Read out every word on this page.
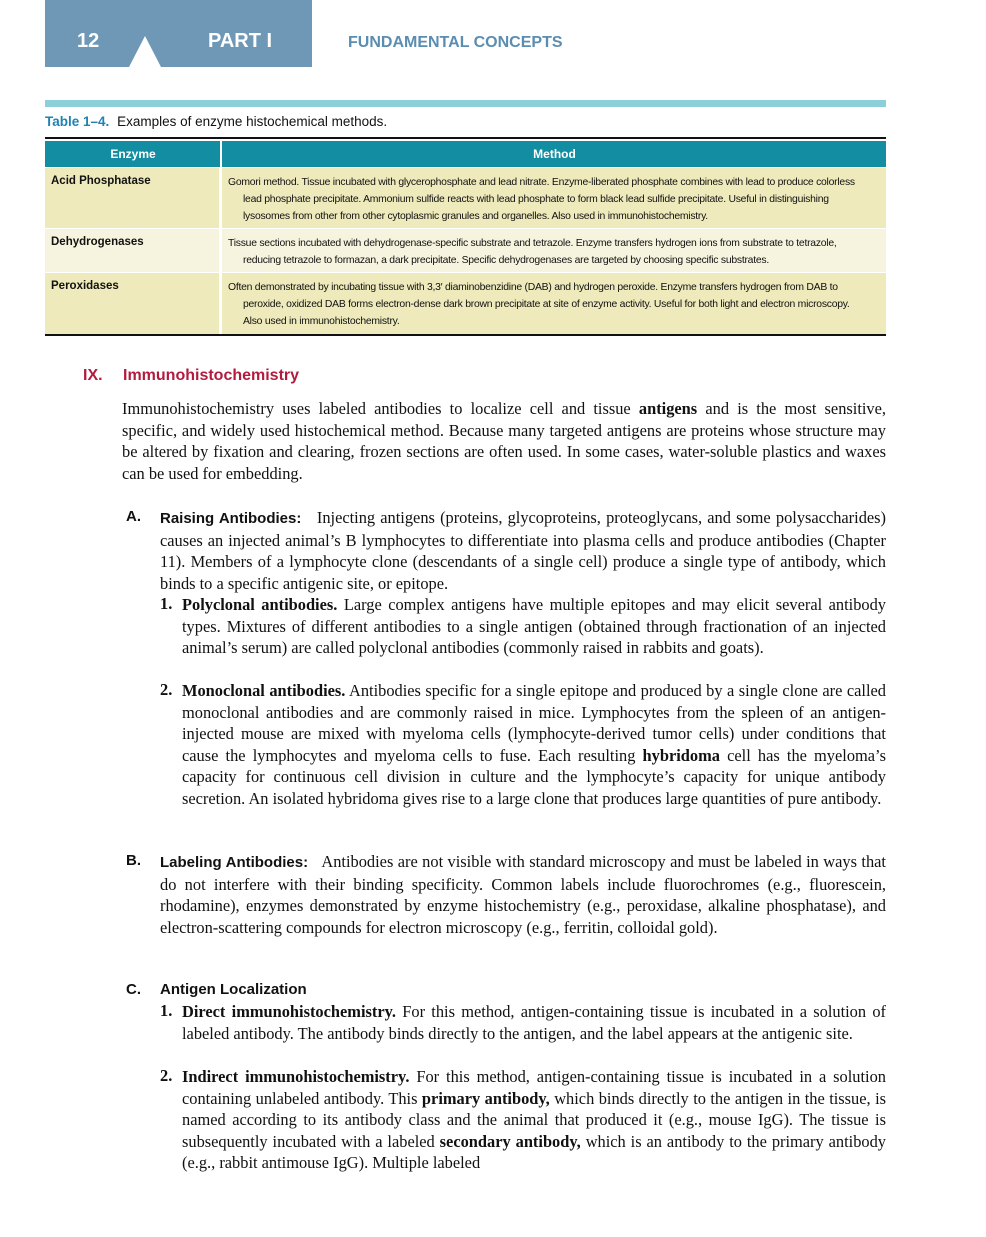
12	PART I	FUNDAMENTAL CONCEPTS
Table 1–4. Examples of enzyme histochemical methods.
Enzyme	Method
Acid Phosphatase	Gomori method. Tissue incubated with glycerophosphate and lead nitrate. Enzyme-liberated phosphate combines with lead to produce colorless lead phosphate precipitate. Ammonium sulfide reacts with lead phosphate to form black lead sulfide precipitate. Useful in distinguishing lysosomes from other from other cytoplasmic granules and organelles. Also used in immunohistochemistry.
Dehydrogenases	Tissue sections incubated with dehydrogenase-specific substrate and tetrazole. Enzyme transfers hydrogen ions from substrate to tetrazole, reducing tetrazole to formazan, a dark precipitate. Specific dehydrogenases are targeted by choosing specific substrates.
Peroxidases	Often demonstrated by incubating tissue with 3,3′ diaminobenzidine (DAB) and hydrogen peroxide. Enzyme transfers hydrogen from DAB to peroxide, oxidized DAB forms electron-dense dark brown precipitate at site of enzyme activity. Useful for both light and electron microscopy. Also used in immunohistochemistry.
IX. Immunohistochemistry

Immunohistochemistry uses labeled antibodies to localize cell and tissue antigens and is the most sensitive, specific, and widely used histochemical method. Because many targeted antigens are proteins whose structure may be altered by fixation and clearing, frozen sections are often used. In some cases, water-soluble plastics and waxes can be used for embedding.

A. Raising Antibodies: Injecting antigens (proteins, glycoproteins, proteoglycans, and some polysaccharides) causes an injected animal’s B lymphocytes to differentiate into plasma cells and produce antibodies (Chapter 11). Members of a lymphocyte clone (descendants of a single cell) produce a single type of antibody, which binds to a specific antigenic site, or epitope.

1. Polyclonal antibodies. Large complex antigens have multiple epitopes and may elicit several antibody types. Mixtures of different antibodies to a single antigen (obtained through fractionation of an injected animal’s serum) are called polyclonal antibodies (commonly raised in rabbits and goats).

2. Monoclonal antibodies. Antibodies specific for a single epitope and produced by a single clone are called monoclonal antibodies and are commonly raised in mice. Lymphocytes from the spleen of an antigen-injected mouse are mixed with myeloma cells (lymphocyte-derived tumor cells) under conditions that cause the lymphocytes and myeloma cells to fuse. Each resulting hybridoma cell has the myeloma’s capacity for continuous cell division in culture and the lymphocyte’s capacity for unique antibody secretion. An isolated hybridoma gives rise to a large clone that produces large quantities of pure antibody.

B. Labeling Antibodies: Antibodies are not visible with standard microscopy and must be labeled in ways that do not interfere with their binding specificity. Common labels include fluorochromes (e.g., fluorescein, rhodamine), enzymes demonstrated by enzyme histochemistry (e.g., peroxidase, alkaline phosphatase), and electron-scattering compounds for electron microscopy (e.g., ferritin, colloidal gold).

C. Antigen Localization
1. Direct immunohistochemistry. For this method, antigen-containing tissue is incubated in a solution of labeled antibody. The antibody binds directly to the antigen, and the label appears at the antigenic site.

2. Indirect immunohistochemistry. For this method, antigen-containing tissue is incubated in a solution containing unlabeled antibody. This primary antibody, which binds directly to the antigen in the tissue, is named according to its antibody class and the animal that produced it (e.g., mouse IgG). The tissue is subsequently incubated with a labeled secondary antibody, which is an antibody to the primary antibody (e.g., rabbit antimouse IgG). Multiple labeled
